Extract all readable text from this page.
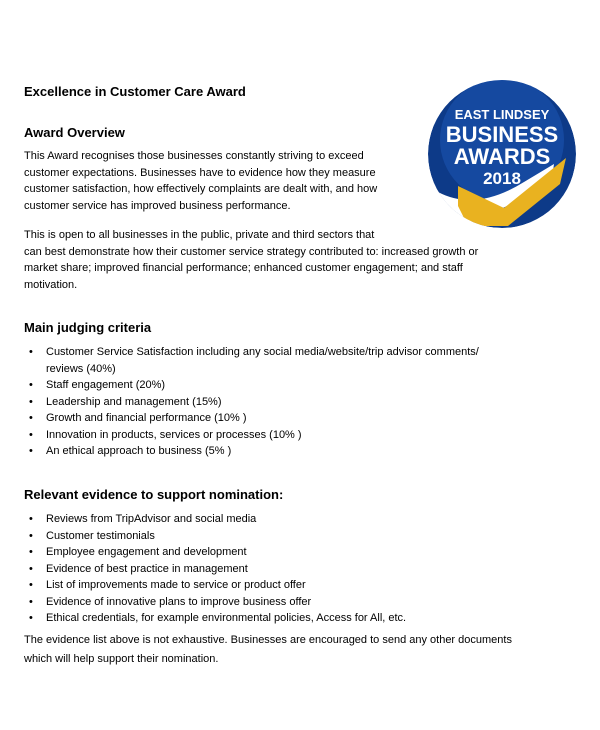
EAST LINDSEY
BUSINESS
AWARDS
2018
Excellence in Customer Care Award
Award Overview
This Award recognises those businesses constantly striving to exceed
customer expectations. Businesses have to evidence how they measure
customer satisfaction, how effectively complaints are dealt with, and how
customer service has improved business performance.
This is open to all businesses in the public, private and third sectors that
can best demonstrate how their customer service strategy contributed to: increased growth or
market share; improved financial performance; enhanced customer engagement; and staff
motivation.
Main judging criteria
• Customer Service Satisfaction including any social media/website/trip advisor comments/
reviews (40%)
• Staff engagement (20%)
• Leadership and management (15%)
• Growth and financial performance (10% )
• Innovation in products, services or processes (10% )
• An ethical approach to business (5% )
Relevant evidence to support nomination:
• Reviews from TripAdvisor and social media
• Customer testimonials
• Employee engagement and development
• Evidence of best practice in management
• List of improvements made to service or product offer
• Evidence of innovative plans to improve business offer
• Ethical credentials, for example environmental policies, Access for All, etc.
The evidence list above is not exhaustive. Businesses are encouraged to send any other documents
which will help support their nomination.
